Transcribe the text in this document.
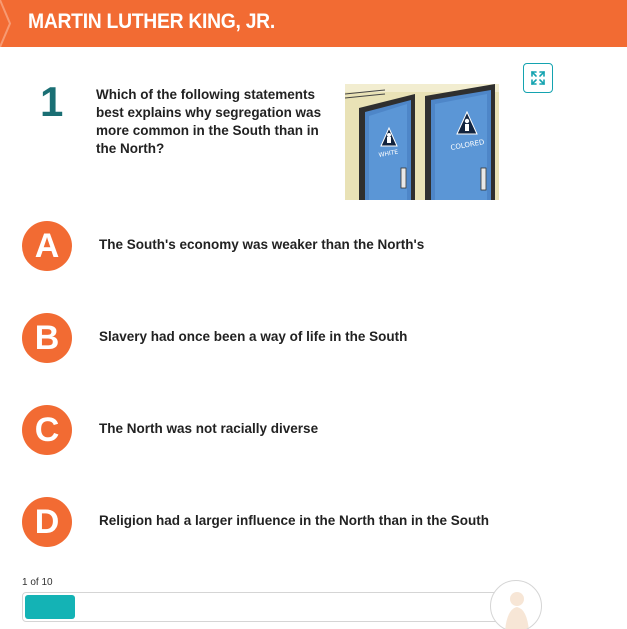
MARTIN LUTHER KING, JR.
1 Which of the following statements best explains why segregation was more common in the South than in the North?	WHITE
COLORED
A	The South's economy was weaker than the North's
B	Slavery had once been a way of life in the South
C	The North was not racially diverse
D	Religion had a larger influence in the North than in the South
1 of 10
